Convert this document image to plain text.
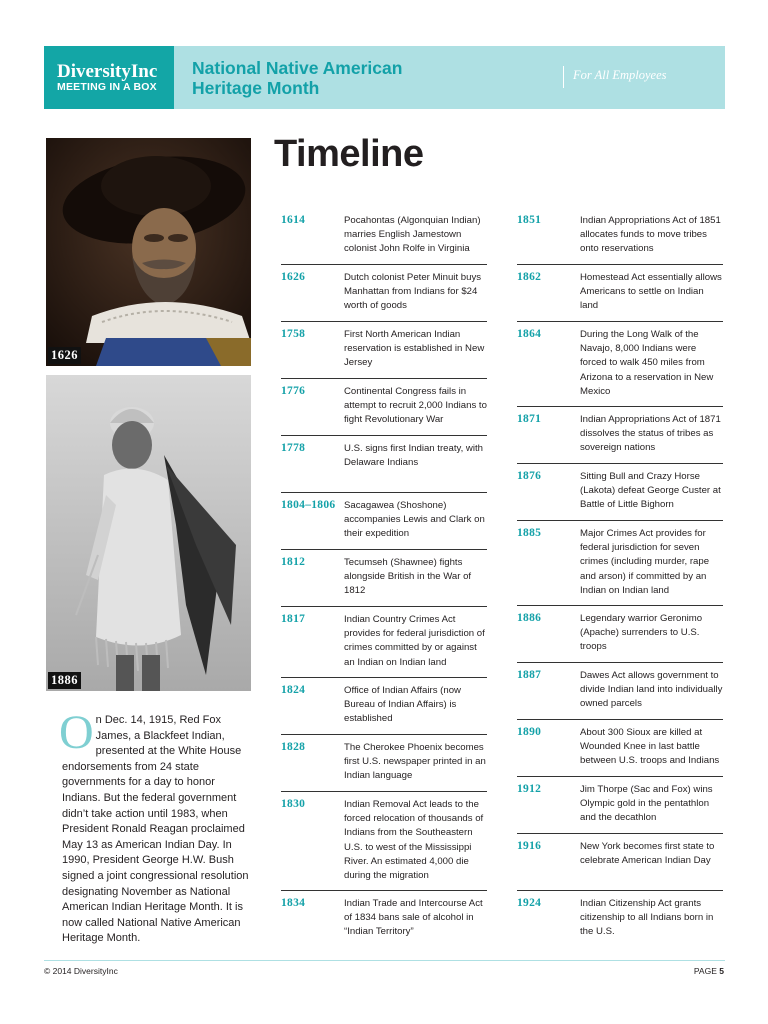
DiversityInc
MEETING IN A BOX
National Native American
Heritage Month
For All Employees
1626
1886
On Dec. 14, 1915, Red Fox James, a Blackfeet Indian, presented at the White House endorsements from 24 state governments for a day to honor Indians. But the federal government didn’t take action until 1983, when President Ronald Reagan proclaimed May 13 as American Indian Day. In 1990, President George H.W. Bush signed a joint congressional resolution designating November as National American Indian Heritage Month. It is now called National Native American Heritage Month.
Timeline
1614	Pocahontas (Algonquian Indian) marries English Jamestown colonist John Rolfe in Virginia
1626	Dutch colonist Peter Minuit buys Manhattan from Indians for $24 worth of goods
1758	First North American Indian reservation is established in New Jersey
1776	Continental Congress fails in attempt to recruit 2,000 Indians to fight Revolutionary War
1778	U.S. signs first Indian treaty, with Delaware Indians
1804–1806 Sacagawea (Shoshone) accompanies Lewis and Clark on their expedition
1812	Tecumseh (Shawnee) fights alongside British in the War of 1812
1817	Indian Country Crimes Act provides for federal jurisdiction of crimes committed by or against an Indian on Indian land
1824	Office of Indian Affairs (now Bureau of Indian Affairs) is established
1828	The Cherokee Phoenix becomes first U.S. newspaper printed in an Indian language
1830	Indian Removal Act leads to the forced relocation of thousands of Indians from the Southeastern U.S. to west of the Mississippi River. An estimated 4,000 die during the migration
1834	Indian Trade and Intercourse Act of 1834 bans sale of alcohol in “Indian Territory”
1851	Indian Appropriations Act of 1851 allocates funds to move tribes onto reservations
1862	Homestead Act essentially allows Americans to settle on Indian land
1864	During the Long Walk of the Navajo, 8,000 Indians were forced to walk 450 miles from Arizona to a reservation in New Mexico
1871	Indian Appropriations Act of 1871 dissolves the status of tribes as sovereign nations
1876	Sitting Bull and Crazy Horse (Lakota) defeat George Custer at Battle of Little Bighorn
1885	Major Crimes Act provides for federal jurisdiction for seven crimes (including murder, rape and arson) if committed by an Indian on Indian land
1886	Legendary warrior Geronimo (Apache) surrenders to U.S. troops
1887	Dawes Act allows government to divide Indian land into individually owned parcels
1890	About 300 Sioux are killed at Wounded Knee in last battle between U.S. troops and Indians
1912	Jim Thorpe (Sac and Fox) wins Olympic gold in the pentathlon and the decathlon
1916	New York becomes first state to celebrate American Indian Day
1924	Indian Citizenship Act grants citizenship to all Indians born in the U.S.
© 2014 DiversityInc	PAGE 5
